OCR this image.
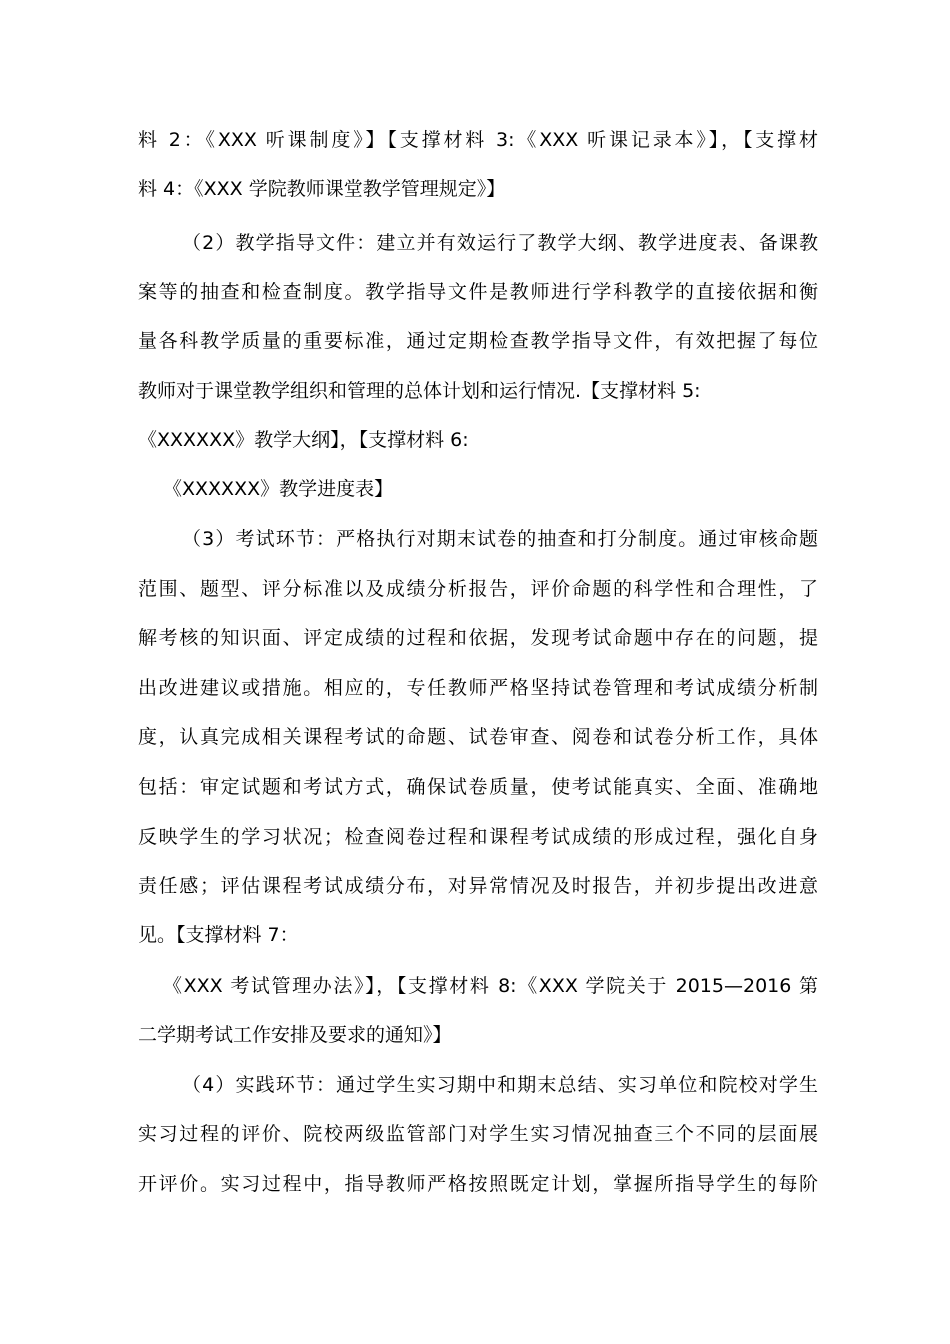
料 2：《XXX 听课制度》】【支撑材料 3:《XXX 听课记录本》】，【支撑材
料 4：《XXX 学院教师课堂教学管理规定》】
（2）教学指导文件：建立并有效运行了教学大纲、教学进度表、备课教
案等的抽查和检查制度。教学指导文件是教师进行学科教学的直接依据和衡
量各科教学质量的重要标准，通过定期检查教学指导文件，有效把握了每位
教师对于课堂教学组织和管理的总体计划和运行情况.【支撑材料 5:
《XXXXXX》教学大纲】，【支撑材料 6:
《XXXXXX》教学进度表】
（3）考试环节：严格执行对期末试卷的抽查和打分制度。通过审核命题
范围、题型、评分标准以及成绩分析报告，评价命题的科学性和合理性，了
解考核的知识面、评定成绩的过程和依据，发现考试命题中存在的问题，提
出改进建议或措施。相应的，专任教师严格坚持试卷管理和考试成绩分析制
度，认真完成相关课程考试的命题、试卷审查、阅卷和试卷分析工作，具体
包括：审定试题和考试方式，确保试卷质量，使考试能真实、全面、准确地
反映学生的学习状况；检查阅卷过程和课程考试成绩的形成过程，强化自身
责任感；评估课程考试成绩分布，对异常情况及时报告，并初步提出改进意
见。【支撑材料 7：
《XXX 考试管理办法》】，【支撑材料 8:《XXX 学院关于 2015—2016 第
二学期考试工作安排及要求的通知》】
（4）实践环节：通过学生实习期中和期末总结、实习单位和院校对学生
实习过程的评价、院校两级监管部门对学生实习情况抽查三个不同的层面展
开评价。实习过程中，指导教师严格按照既定计划，掌握所指导学生的每阶
